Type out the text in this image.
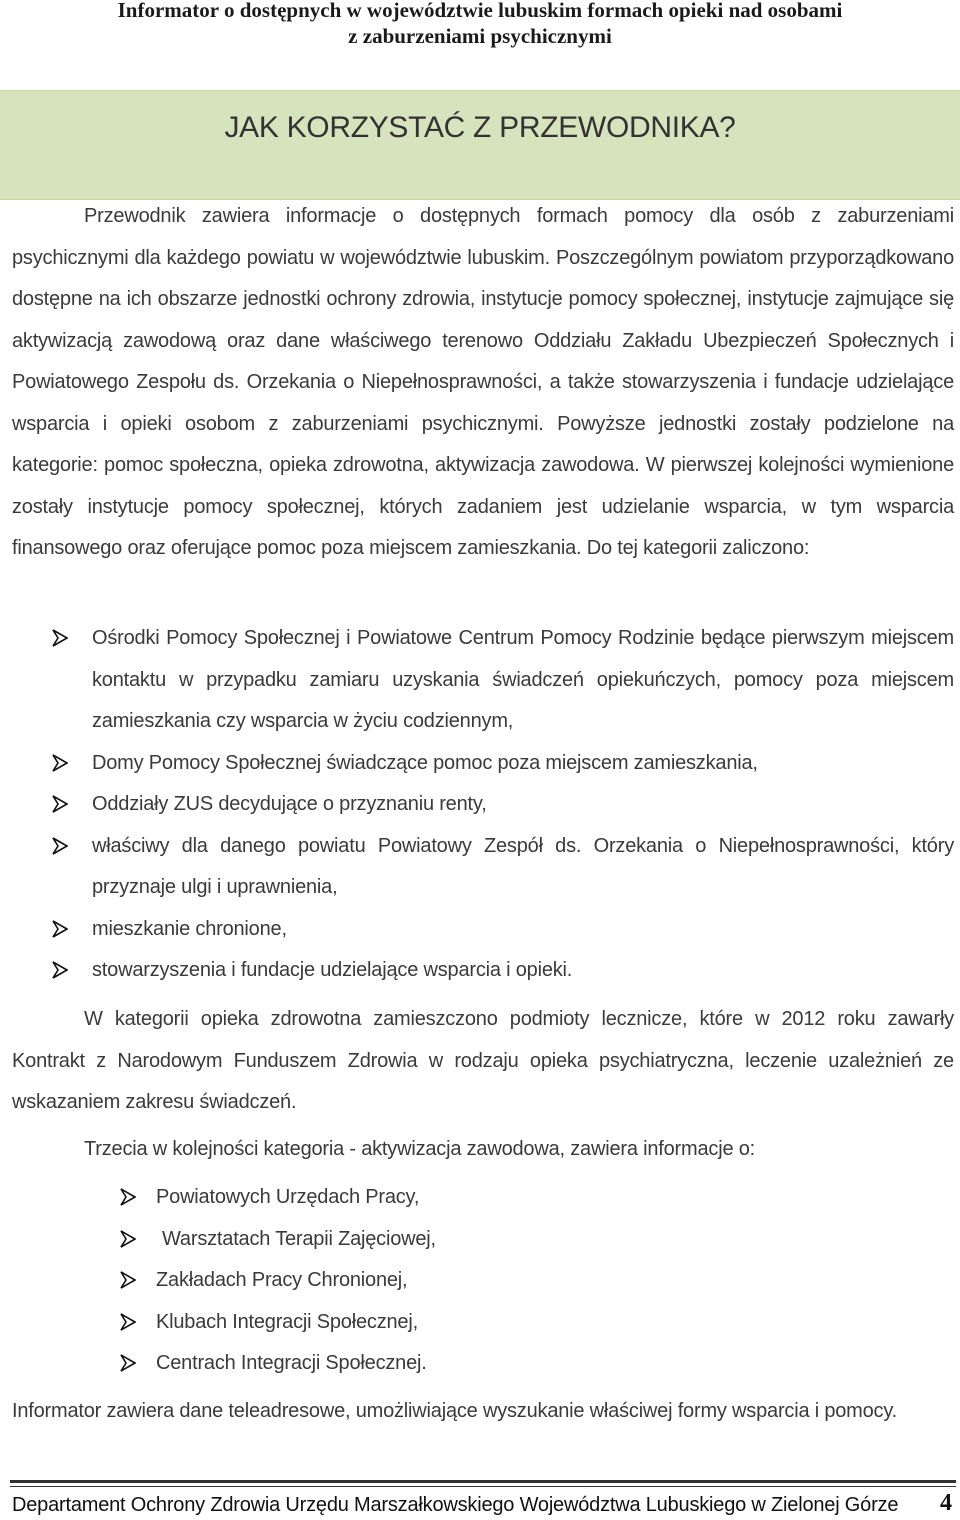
Informator o dostępnych w województwie lubuskim formach opieki nad osobami
z zaburzeniami psychicznymi
JAK KORZYSTAĆ Z PRZEWODNIKA?
Przewodnik zawiera informacje o dostępnych formach pomocy dla osób z zaburzeniami psychicznymi dla każdego powiatu w województwie lubuskim. Poszczególnym powiatom przyporządkowano dostępne na ich obszarze jednostki ochrony zdrowia, instytucje pomocy społecznej, instytucje zajmujące się aktywizacją zawodową oraz dane właściwego terenowo Oddziału Zakładu Ubezpieczeń Społecznych i Powiatowego Zespołu ds. Orzekania o Niepełnosprawności, a także stowarzyszenia i fundacje udzielające wsparcia i opieki osobom z zaburzeniami psychicznymi. Powyższe jednostki zostały podzielone na kategorie: pomoc społeczna, opieka zdrowotna, aktywizacja zawodowa. W pierwszej kolejności wymienione zostały instytucje pomocy społecznej, których zadaniem jest udzielanie wsparcia, w tym wsparcia finansowego oraz oferujące pomoc poza miejscem zamieszkania. Do tej kategorii zaliczono:
Ośrodki Pomocy Społecznej i Powiatowe Centrum Pomocy Rodzinie będące pierwszym miejscem kontaktu w przypadku zamiaru uzyskania świadczeń opiekuńczych, pomocy poza miejscem zamieszkania czy wsparcia w życiu codziennym,
Domy Pomocy Społecznej świadczące pomoc poza miejscem zamieszkania,
Oddziały ZUS decydujące o przyznaniu renty,
właściwy dla danego powiatu Powiatowy Zespół ds. Orzekania o Niepełnosprawności, który przyznaje ulgi i uprawnienia,
mieszkanie chronione,
stowarzyszenia i fundacje udzielające wsparcia i opieki.
W kategorii opieka zdrowotna zamieszczono podmioty lecznicze, które w 2012 roku zawarły Kontrakt z Narodowym Funduszem Zdrowia w rodzaju opieka psychiatryczna, leczenie uzależnień ze wskazaniem zakresu świadczeń.
Trzecia w kolejności kategoria - aktywizacja zawodowa, zawiera informacje o:
Powiatowych Urzędach Pracy,
Warsztatach Terapii Zajęciowej,
Zakładach Pracy Chronionej,
Klubach Integracji Społecznej,
Centrach Integracji Społecznej.
Informator zawiera dane teleadresowe, umożliwiające wyszukanie właściwej formy wsparcia i pomocy.
Departament Ochrony Zdrowia Urzędu Marszałkowskiego Województwa Lubuskiego w Zielonej Górze 4
